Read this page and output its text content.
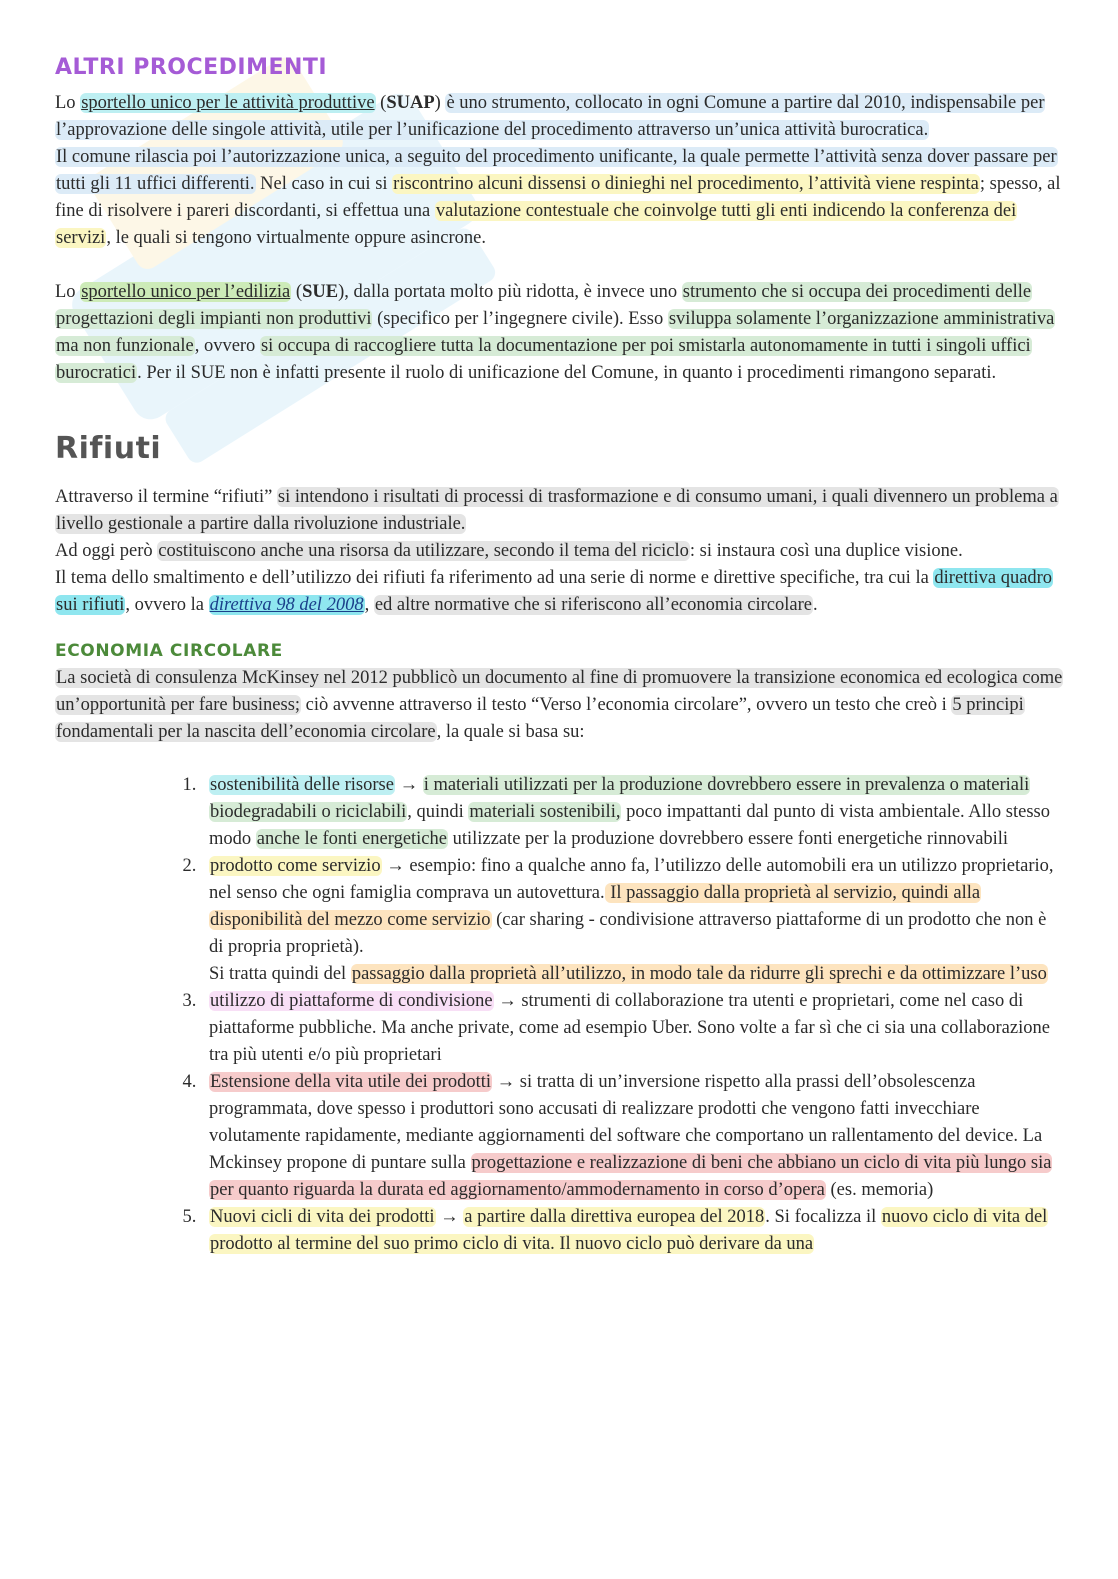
ALTRI PROCEDIMENTI

Lo sportello unico per le attività produttive (SUAP) è uno strumento, collocato in ogni Comune a partire dal 2010, indispensabile per l’approvazione delle singole attività, utile per l’unificazione del procedimento attraverso un’unica attività burocratica.

Il comune rilascia poi l’autorizzazione unica, a seguito del procedimento unificante, la quale permette l’attività senza dover passare per tutti gli 11 uffici differenti. Nel caso in cui si riscontrino alcuni dissensi o dinieghi nel procedimento, l’attività viene respinta; spesso, al fine di risolvere i pareri discordanti, si effettua una valutazione contestuale che coinvolge tutti gli enti indicendo la conferenza dei servizi, le quali si tengono virtualmente oppure asincrone.

Lo sportello unico per l’edilizia (SUE), dalla portata molto più ridotta, è invece uno strumento che si occupa dei procedimenti delle progettazioni degli impianti non produttivi (specifico per l’ingegnere civile). Esso sviluppa solamente l’organizzazione amministrativa ma non funzionale, ovvero si occupa di raccogliere tutta la documentazione per poi smistarla autonomamente in tutti i singoli uffici burocratici. Per il SUE non è infatti presente il ruolo di unificazione del Comune, in quanto i procedimenti rimangono separati.

Rifiuti

Attraverso il termine “rifiuti” si intendono i risultati di processi di trasformazione e di consumo umani, i quali divennero un problema a livello gestionale a partire dalla rivoluzione industriale.

Ad oggi però costituiscono anche una risorsa da utilizzare, secondo il tema del riciclo: si instaura così una duplice visione.

Il tema dello smaltimento e dell’utilizzo dei rifiuti fa riferimento ad una serie di norme e direttive specifiche, tra cui la direttiva quadro sui rifiuti, ovvero la direttiva 98 del 2008, ed altre normative che si riferiscono all’economia circolare.

ECONOMIA CIRCOLARE

La società di consulenza McKinsey nel 2012 pubblicò un documento al fine di promuovere la transizione economica ed ecologica come un’opportunità per fare business; ciò avvenne attraverso il testo “Verso l’economia circolare”, ovvero un testo che creò i 5 principi fondamentali per la nascita dell’economia circolare, la quale si basa su:

1. sostenibilità delle risorse → i materiali utilizzati per la produzione dovrebbero essere in prevalenza o materiali biodegradabili o riciclabili, quindi materiali sostenibili, poco impattanti dal punto di vista ambientale. Allo stesso modo anche le fonti energetiche utilizzate per la produzione dovrebbero essere fonti energetiche rinnovabili
2. prodotto come servizio → esempio: fino a qualche anno fa, l’utilizzo delle automobili era un utilizzo proprietario, nel senso che ogni famiglia comprava un autovettura. Il passaggio dalla proprietà al servizio, quindi alla disponibilità del mezzo come servizio (car sharing - condivisione attraverso piattaforme di un prodotto che non è di propria proprietà).
Si tratta quindi del passaggio dalla proprietà all’utilizzo, in modo tale da ridurre gli sprechi e da ottimizzare l’uso
3. utilizzo di piattaforme di condivisione → strumenti di collaborazione tra utenti e proprietari, come nel caso di piattaforme pubbliche. Ma anche private, come ad esempio Uber. Sono volte a far sì che ci sia una collaborazione tra più utenti e/o più proprietari
4. Estensione della vita utile dei prodotti → si tratta di un’inversione rispetto alla prassi dell’obsolescenza programmata, dove spesso i produttori sono accusati di realizzare prodotti che vengono fatti invecchiare volutamente rapidamente, mediante aggiornamenti del software che comportano un rallentamento del device. La Mckinsey propone di puntare sulla progettazione e realizzazione di beni che abbiano un ciclo di vita più lungo sia per quanto riguarda la durata ed aggiornamento/ammodernamento in corso d’opera (es. memoria)
5. Nuovi cicli di vita dei prodotti → a partire dalla direttiva europea del 2018. Si focalizza il nuovo ciclo di vita del prodotto al termine del suo primo ciclo di vita. Il nuovo ciclo può derivare da una
